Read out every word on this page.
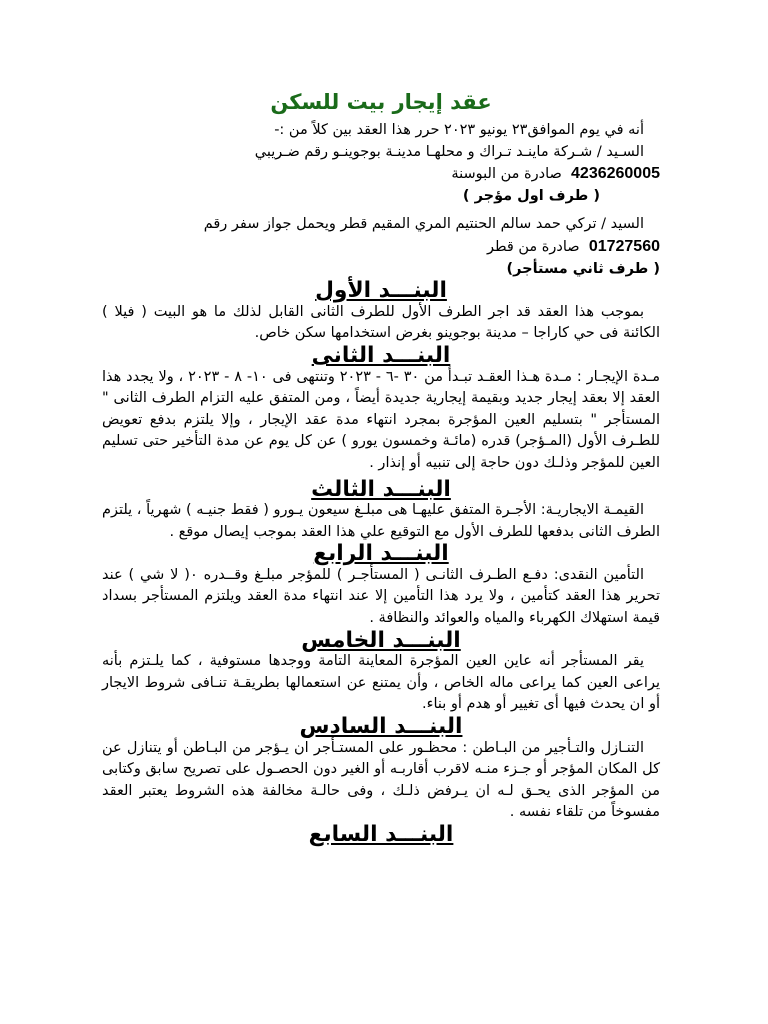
عقد إيجار بيت للسكن

أنه في يوم الموافق٢٣ يونيو ٢٠٢٣ حرر هذا العقد بين كلاً من :-

السـيد / شـركة ماينـد تـراك و محلهـا مدينـة بوجوينـو رقم ضـريبي
4236260005  صادرة من البوسنة

( طرف اول مؤجر )

السيد / تركي حمد سالم الحنتيم المري المقيم قطر ويحمل جواز سفر رقم
01727560  صادرة من قطر

( طرف ثاني مستأجر)

البنـــد الأول

بموجب هذا العقد قد اجر الطرف الأول للطرف الثانى القابل لذلك ما هو البيت ( فيلا ) الكائنة فى حي كاراجا – مدينة بوجوينو بغرض استخدامها سكن خاص.

البنـــد الثانى

مـدة الإيجـار : مـدة هـذا العقـد تبـدأ من ٣٠ -٦ - ٢٠٢٣ وتنتهى فى ١٠- ٨ - ٢٠٢٣ ، ولا يجدد هذا العقد إلا بعقد إيجار جديد وبقيمة إيجارية جديدة أيضاً ، ومن المتفق عليه التزام الطرف الثانى " المستأجر " بتسليم العين المؤجرة بمجرد انتهاء مدة عقد الإيجار ، وإلا يلتزم بدفع تعويض للطـرف الأول (المـؤجر) قدره (مائـة وخمسون يورو ) عن كل يوم عن مدة التأخير حتى تسليم العين للمؤجر وذلـك دون حاجة إلى تنبيه أو إنذار .

البنـــد الثالث

القيمـة الايجاريـة: الأجـرة المتفق عليهـا هى مبلـغ سيعون يـورو ( فقط جنيـه ) شهرياً ، يلتزم الطرف الثانى بدفعها للطرف الأول مع التوقيع علي هذا العقد بموجب إيصال موقع .

البنـــد الرابع

التأمين النقدى: دفـع الطـرف الثانـى ( المستأجـر ) للمؤجر مبلـغ وقــدره ٠( لا شي ) عند تحرير هذا العقد كتأمين ، ولا يرد هذا التأمين إلا عند انتهاء مدة العقد ويلتزم المستأجر بسداد قيمة استهلاك الكهرباء والمياه والعوائد والنظافة .

البنـــد الخامس

يقر المستأجر أنه عاين العين المؤجرة المعاينة التامة ووجدها مستوفية ، كما يلـتزم بأنه يراعى العين كما يراعى ماله الخاص ، وأن يمتنع عن استعمالها بطريقـة تنـافى شروط الايجار أو ان يحدث فيها أى تغيير أو هدم أو بناء.

البنـــد السادس

التنـازل والتـأجير من البـاطن : محظـور على المستـأجر ان يـؤجر من البـاطن أو يتنازل عن كل المكان المؤجر أو جـزء منـه لاقرب أقاربـه أو الغير دون الحصـول على تصريح سابق وكتابى من المؤجر الذى يحـق لـه ان يـرفض ذلـك ، وفى حالـة مخالفة هذه الشروط يعتبر العقد مفسوخاً من تلقاء نفسه .

البنـــد السابع
